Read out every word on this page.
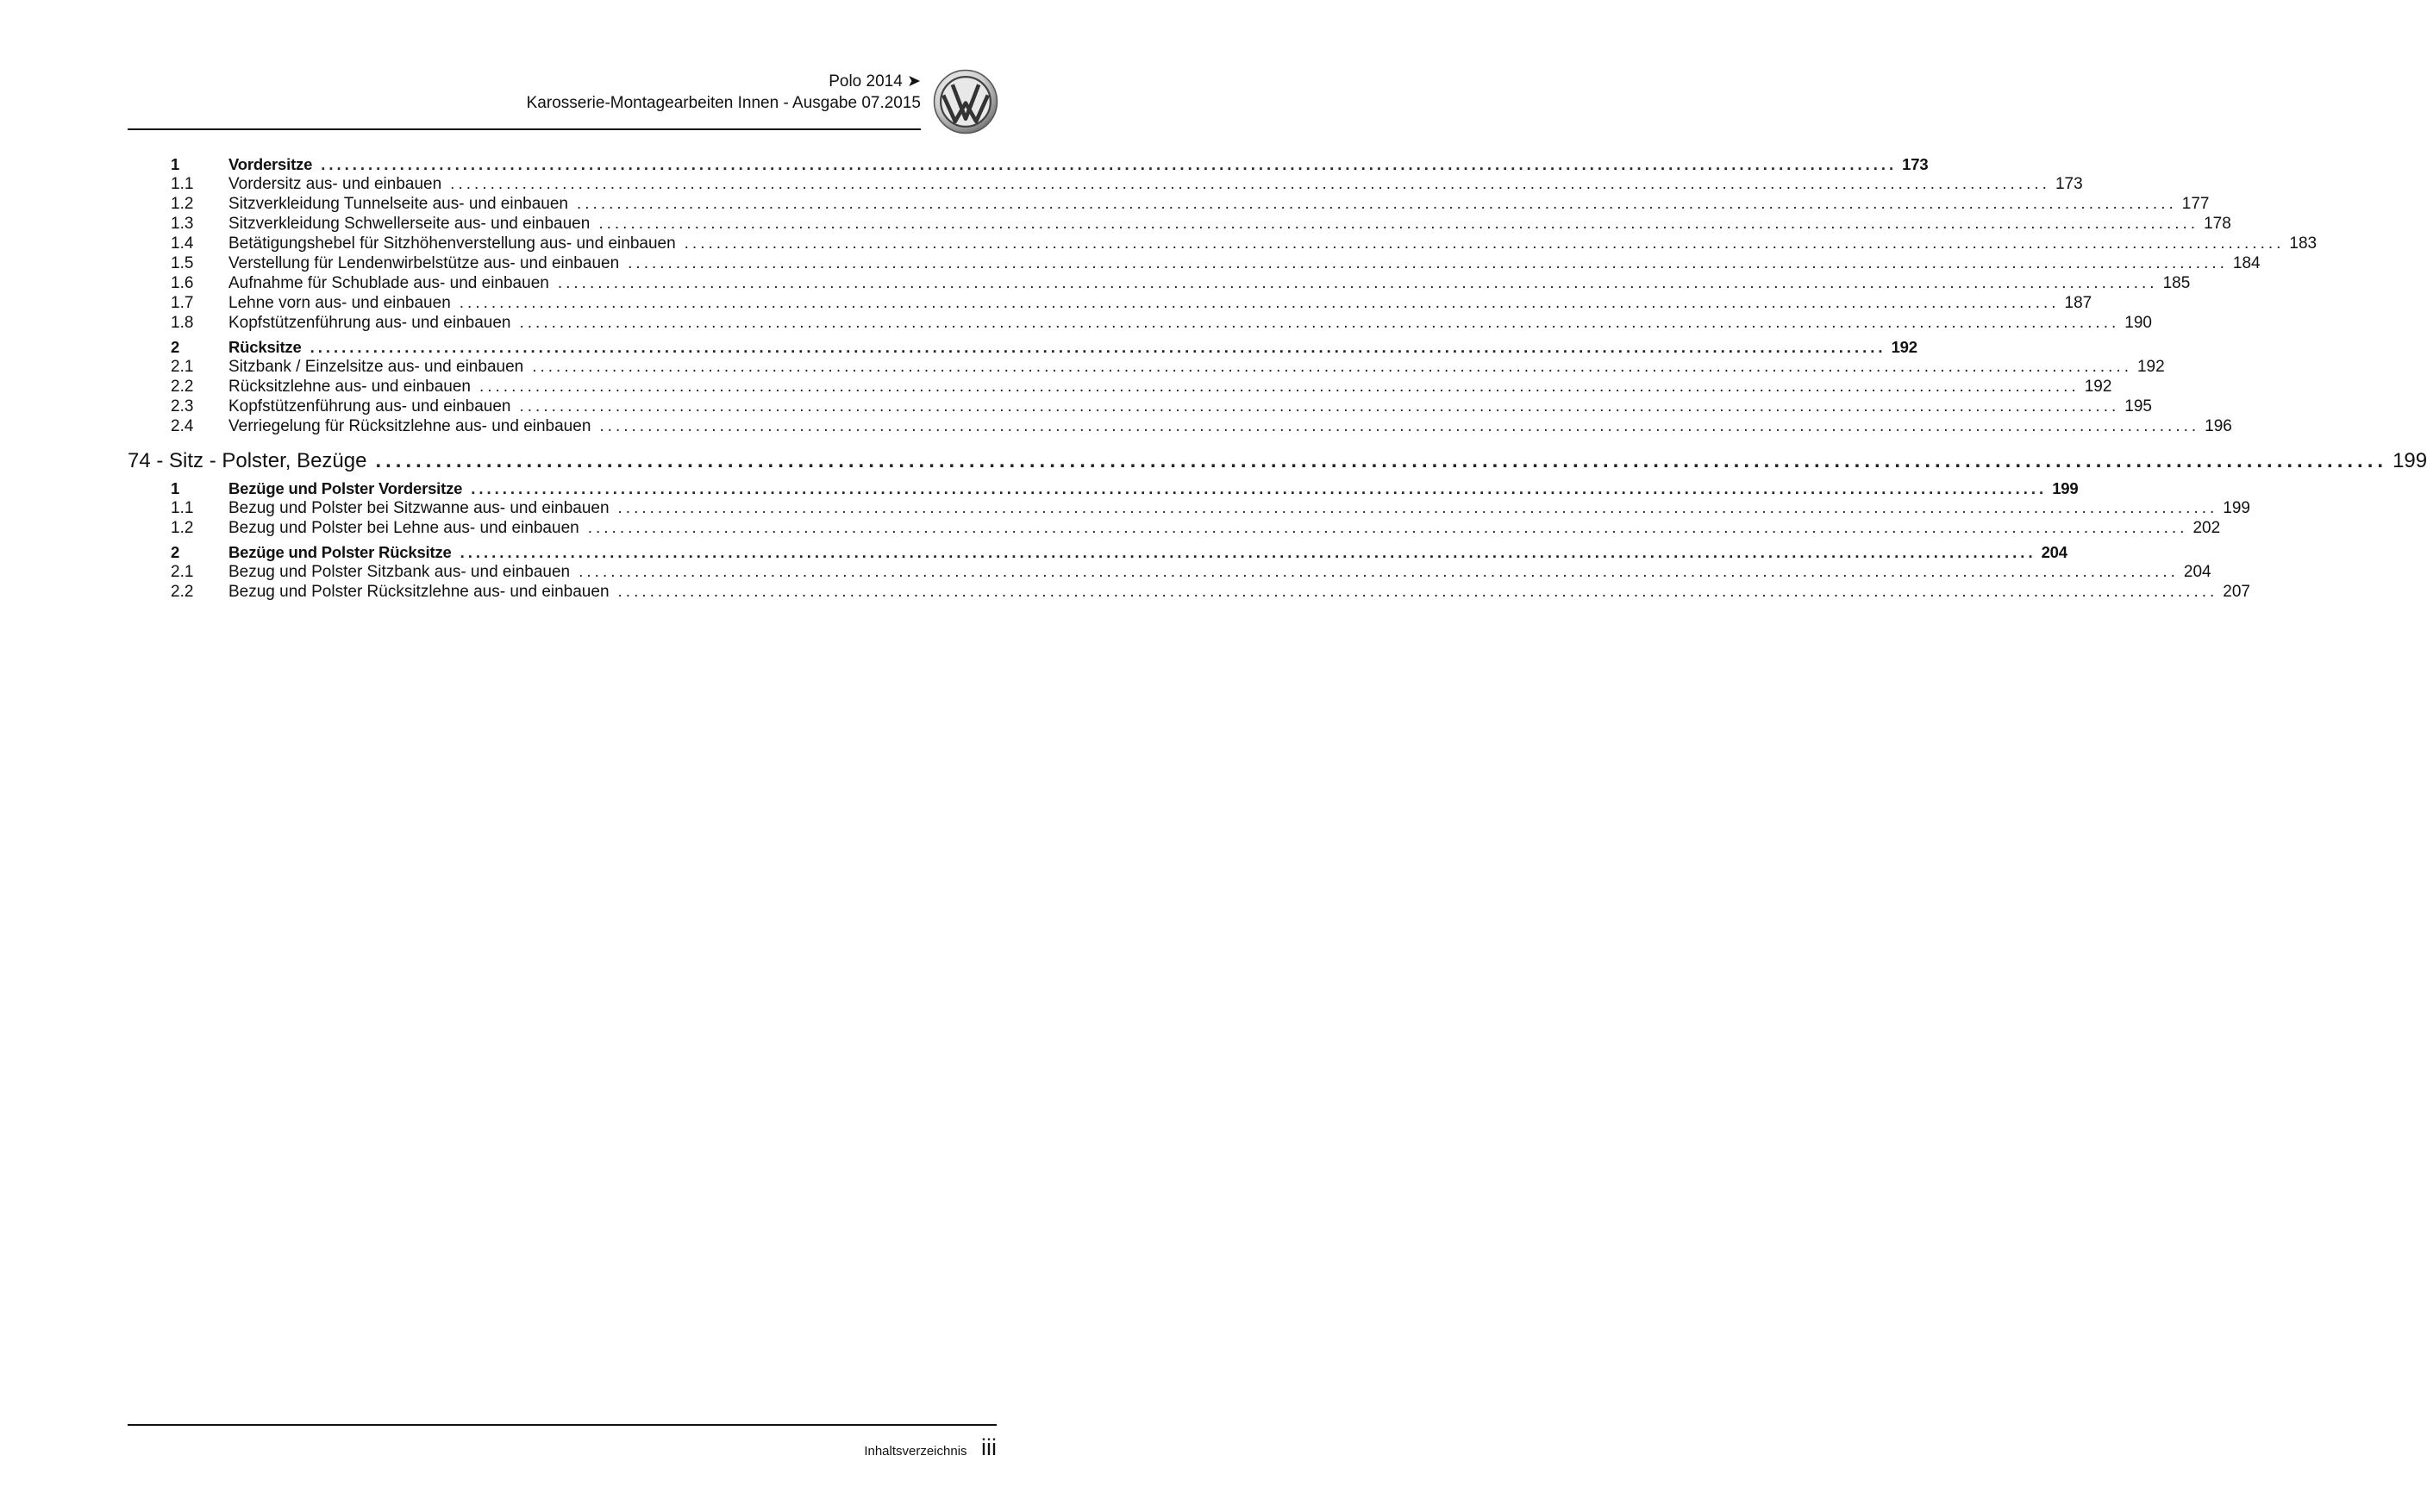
Polo 2014 ➤
Karosserie-Montagearbeiten Innen - Ausgabe 07.2015
1	Vordersitze ........................................................................................................................................................................................................ 173
1.1 Vordersitz aus- und einbauen ........................................................................................................................................................................................................ 173
1.2 Sitzverkleidung Tunnelseite aus- und einbauen ........................................................................................................................................................................................................ 177
1.3 Sitzverkleidung Schwellerseite aus- und einbauen ........................................................................................................................................................................................................ 178
1.4 Betätigungshebel für Sitzhöhenverstellung aus- und einbauen ........................................................................................................................................................................................................ 183
1.5 Verstellung für Lendenwirbelstütze aus- und einbauen ........................................................................................................................................................................................................ 184
1.6 Aufnahme für Schublade aus- und einbauen ........................................................................................................................................................................................................ 185
1.7 Lehne vorn aus- und einbauen ........................................................................................................................................................................................................ 187
1.8 Kopfstützenführung aus- und einbauen ........................................................................................................................................................................................................ 190
2	Rücksitze ........................................................................................................................................................................................................ 192
2.1 Sitzbank / Einzelsitze aus- und einbauen ........................................................................................................................................................................................................ 192
2.2 Rücksitzlehne aus- und einbauen ........................................................................................................................................................................................................ 192
2.3 Kopfstützenführung aus- und einbauen ........................................................................................................................................................................................................ 195
2.4 Verriegelung für Rücksitzlehne aus- und einbauen ........................................................................................................................................................................................................ 196
74 - Sitz - Polster, Bezüge ........................................................................................................................................................................................................ 199
1	Bezüge und Polster Vordersitze ........................................................................................................................................................................................................ 199
1.1 Bezug und Polster bei Sitzwanne aus- und einbauen ........................................................................................................................................................................................................ 199
1.2 Bezug und Polster bei Lehne aus- und einbauen ........................................................................................................................................................................................................ 202
2	Bezüge und Polster Rücksitze ........................................................................................................................................................................................................ 204
2.1 Bezug und Polster Sitzbank aus- und einbauen ........................................................................................................................................................................................................ 204
2.2 Bezug und Polster Rücksitzlehne aus- und einbauen ........................................................................................................................................................................................................ 207
Inhaltsverzeichnis iii
